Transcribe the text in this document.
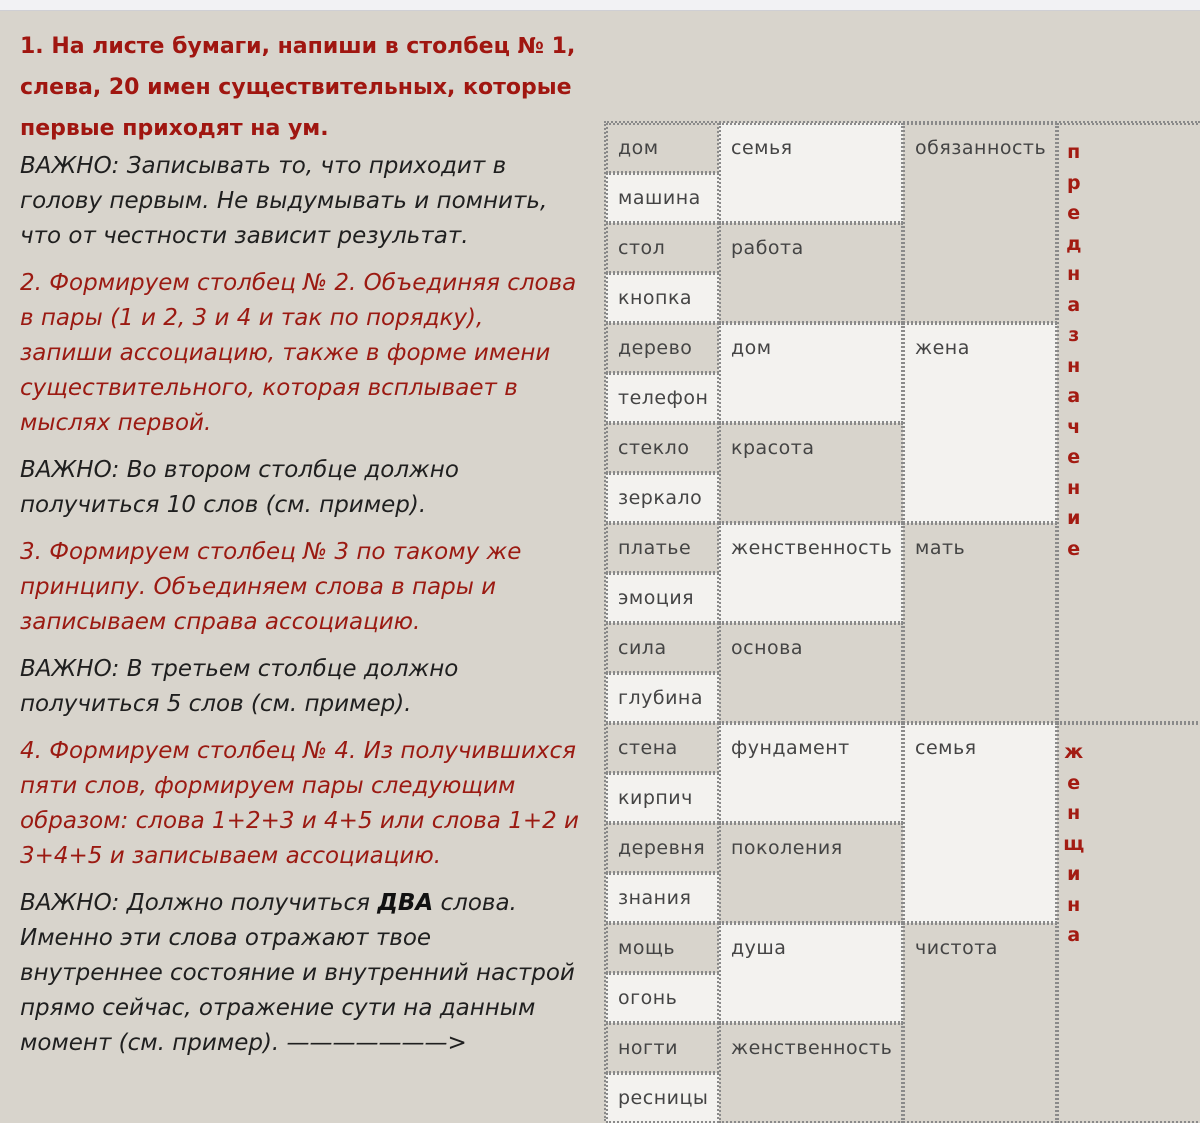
1. На листе бумаги, напиши в столбец № 1, слева, 20 имен существительных, которые первые приходят на ум.

ВАЖНО: Записывать то, что приходит в голову первым. Не выдумывать и помнить, что от честности зависит результат.

2. Формируем столбец № 2. Объединяя слова в пары (1 и 2, 3 и 4 и так по порядку), запиши ассоциацию, также в форме имени существительного, которая всплывает в мыслях первой.

ВАЖНО: Во втором столбце должно получиться 10 слов (см. пример).

3. Формируем столбец № 3 по такому же принципу. Объединяем слова в пары и записываем справа ассоциацию.

ВАЖНО: В третьем столбце должно получиться 5 слов (см. пример).

4. Формируем столбец № 4. Из получившихся пяти слов, формируем пары следующим образом: слова 1+2+3 и 4+5 или слова 1+2 и 3+4+5 и записываем ассоциацию.

ВАЖНО: Должно получиться ДВА слова. Именно эти слова отражают твое внутреннее состояние и внутренний настрой прямо сейчас, отражение сути на данным момент (см. пример). ———————>

дом
машина
стол
кнопка
дерево
телефон
стекло
зеркало
платье
эмоция
сила
глубина
стена
кирпич
деревня
знания
мощь
огонь
ногти
ресницы
семья
работа
дом
красота
женственность
основа
фундамент
поколения
душа
женственность
обязанность
жена
мать
семья
чистота
п
р
е
д
н
а
з
н
а
ч
е
н
и
е
ж
е
н
щ
и
н
а
